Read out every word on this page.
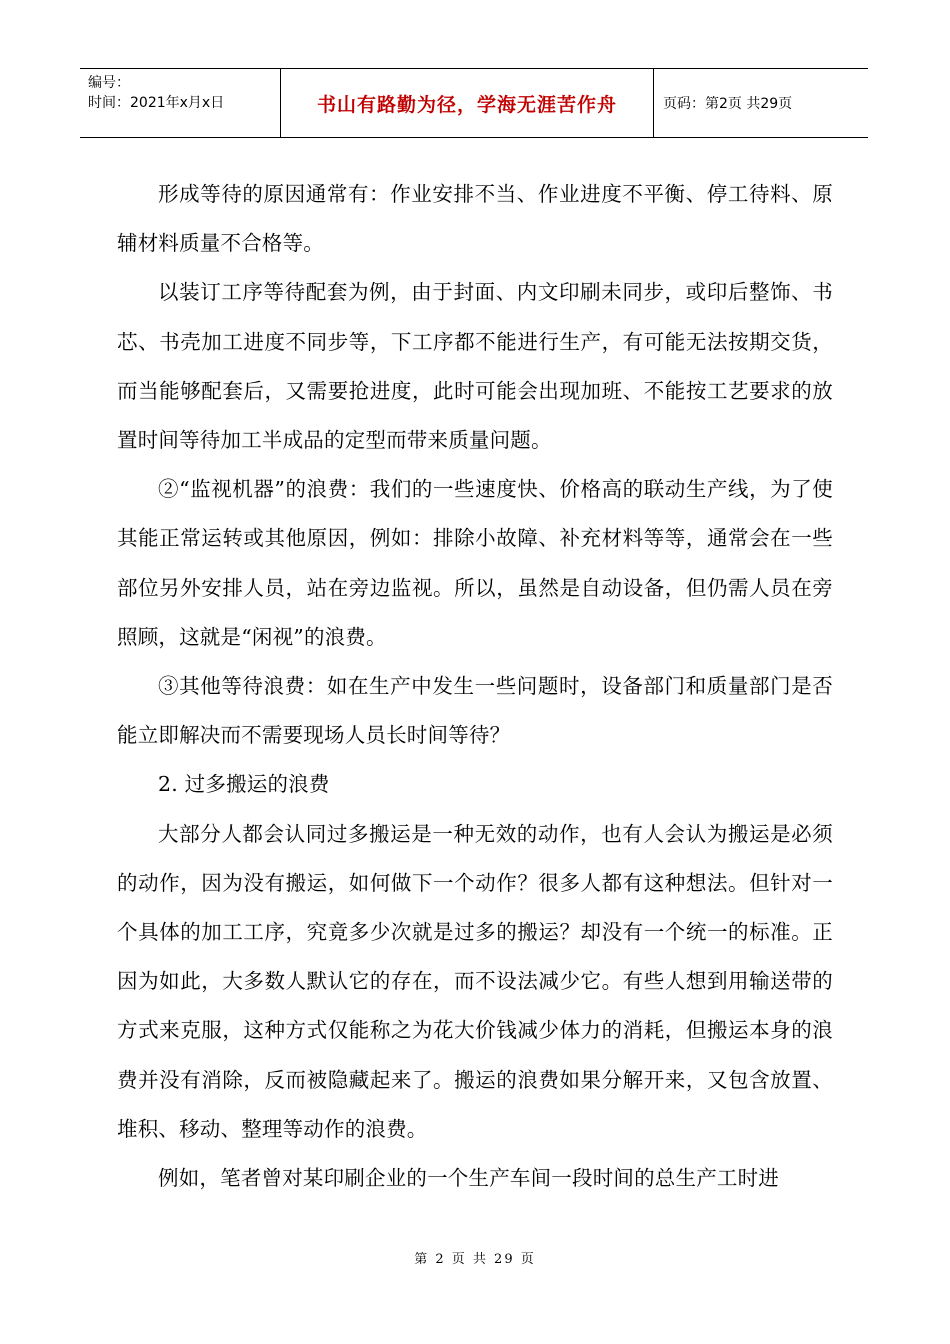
编号：
时间：2021年x月x日	书山有路勤为径，学海无涯苦作舟	页码：第2页 共29页

形成等待的原因通常有：作业安排不当、作业进度不平衡、停工待料、原辅材料质量不合格等。

以装订工序等待配套为例，由于封面、内文印刷未同步，或印后整饰、书芯、书壳加工进度不同步等，下工序都不能进行生产，有可能无法按期交货，而当能够配套后，又需要抢进度，此时可能会出现加班、不能按工艺要求的放置时间等待加工半成品的定型而带来质量问题。

②“监视机器”的浪费：我们的一些速度快、价格高的联动生产线，为了使其能正常运转或其他原因，例如：排除小故障、补充材料等等，通常会在一些部位另外安排人员，站在旁边监视。所以，虽然是自动设备，但仍需人员在旁照顾，这就是“闲视”的浪费。

③其他等待浪费：如在生产中发生一些问题时，设备部门和质量部门是否能立即解决而不需要现场人员长时间等待？

2. 过多搬运的浪费

大部分人都会认同过多搬运是一种无效的动作，也有人会认为搬运是必须的动作，因为没有搬运，如何做下一个动作？很多人都有这种想法。但针对一个具体的加工工序，究竟多少次就是过多的搬运？却没有一个统一的标准。正因为如此，大多数人默认它的存在，而不设法减少它。有些人想到用输送带的方式来克服，这种方式仅能称之为花大价钱减少体力的消耗，但搬运本身的浪费并没有消除，反而被隐藏起来了。搬运的浪费如果分解开来，又包含放置、堆积、移动、整理等动作的浪费。

例如，笔者曾对某印刷企业的一个生产车间一段时间的总生产工时进

第 2 页 共 29 页
